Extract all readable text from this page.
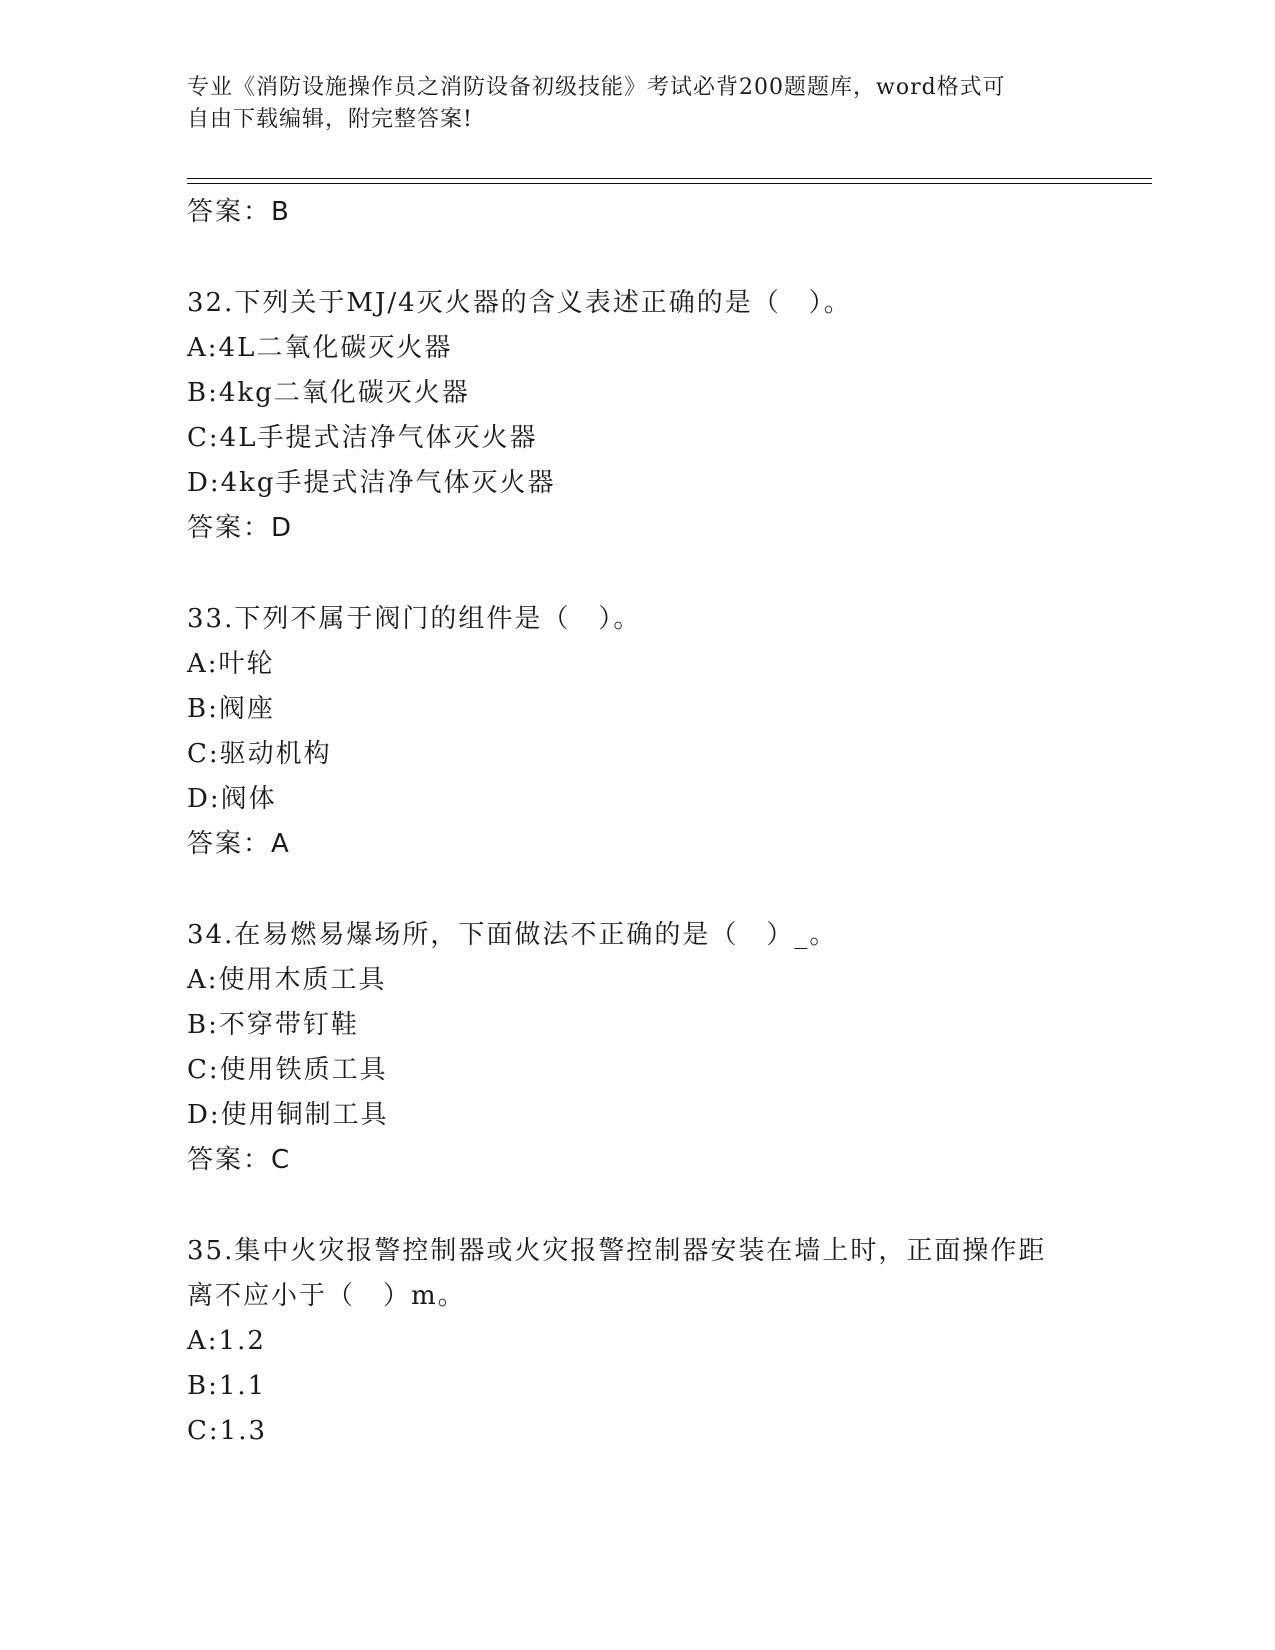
专业《消防设施操作员之消防设备初级技能》考试必背200题题库，word格式可
自由下载编辑，附完整答案!
答案：B
32.下列关于MJ/4灭火器的含义表述正确的是（　）。
A:4L二氧化碳灭火器
B:4kg二氧化碳灭火器
C:4L手提式洁净气体灭火器
D:4kg手提式洁净气体灭火器
答案：D
33.下列不属于阀门的组件是（　）。
A:叶轮
B:阀座
C:驱动机构
D:阀体
答案：A
34.在易燃易爆场所，下面做法不正确的是（　）_。
A:使用木质工具
B:不穿带钉鞋
C:使用铁质工具
D:使用铜制工具
答案：C
35.集中火灾报警控制器或火灾报警控制器安装在墙上时，正面操作距
离不应小于（　）m。
A:1.2
B:1.1
C:1.3
